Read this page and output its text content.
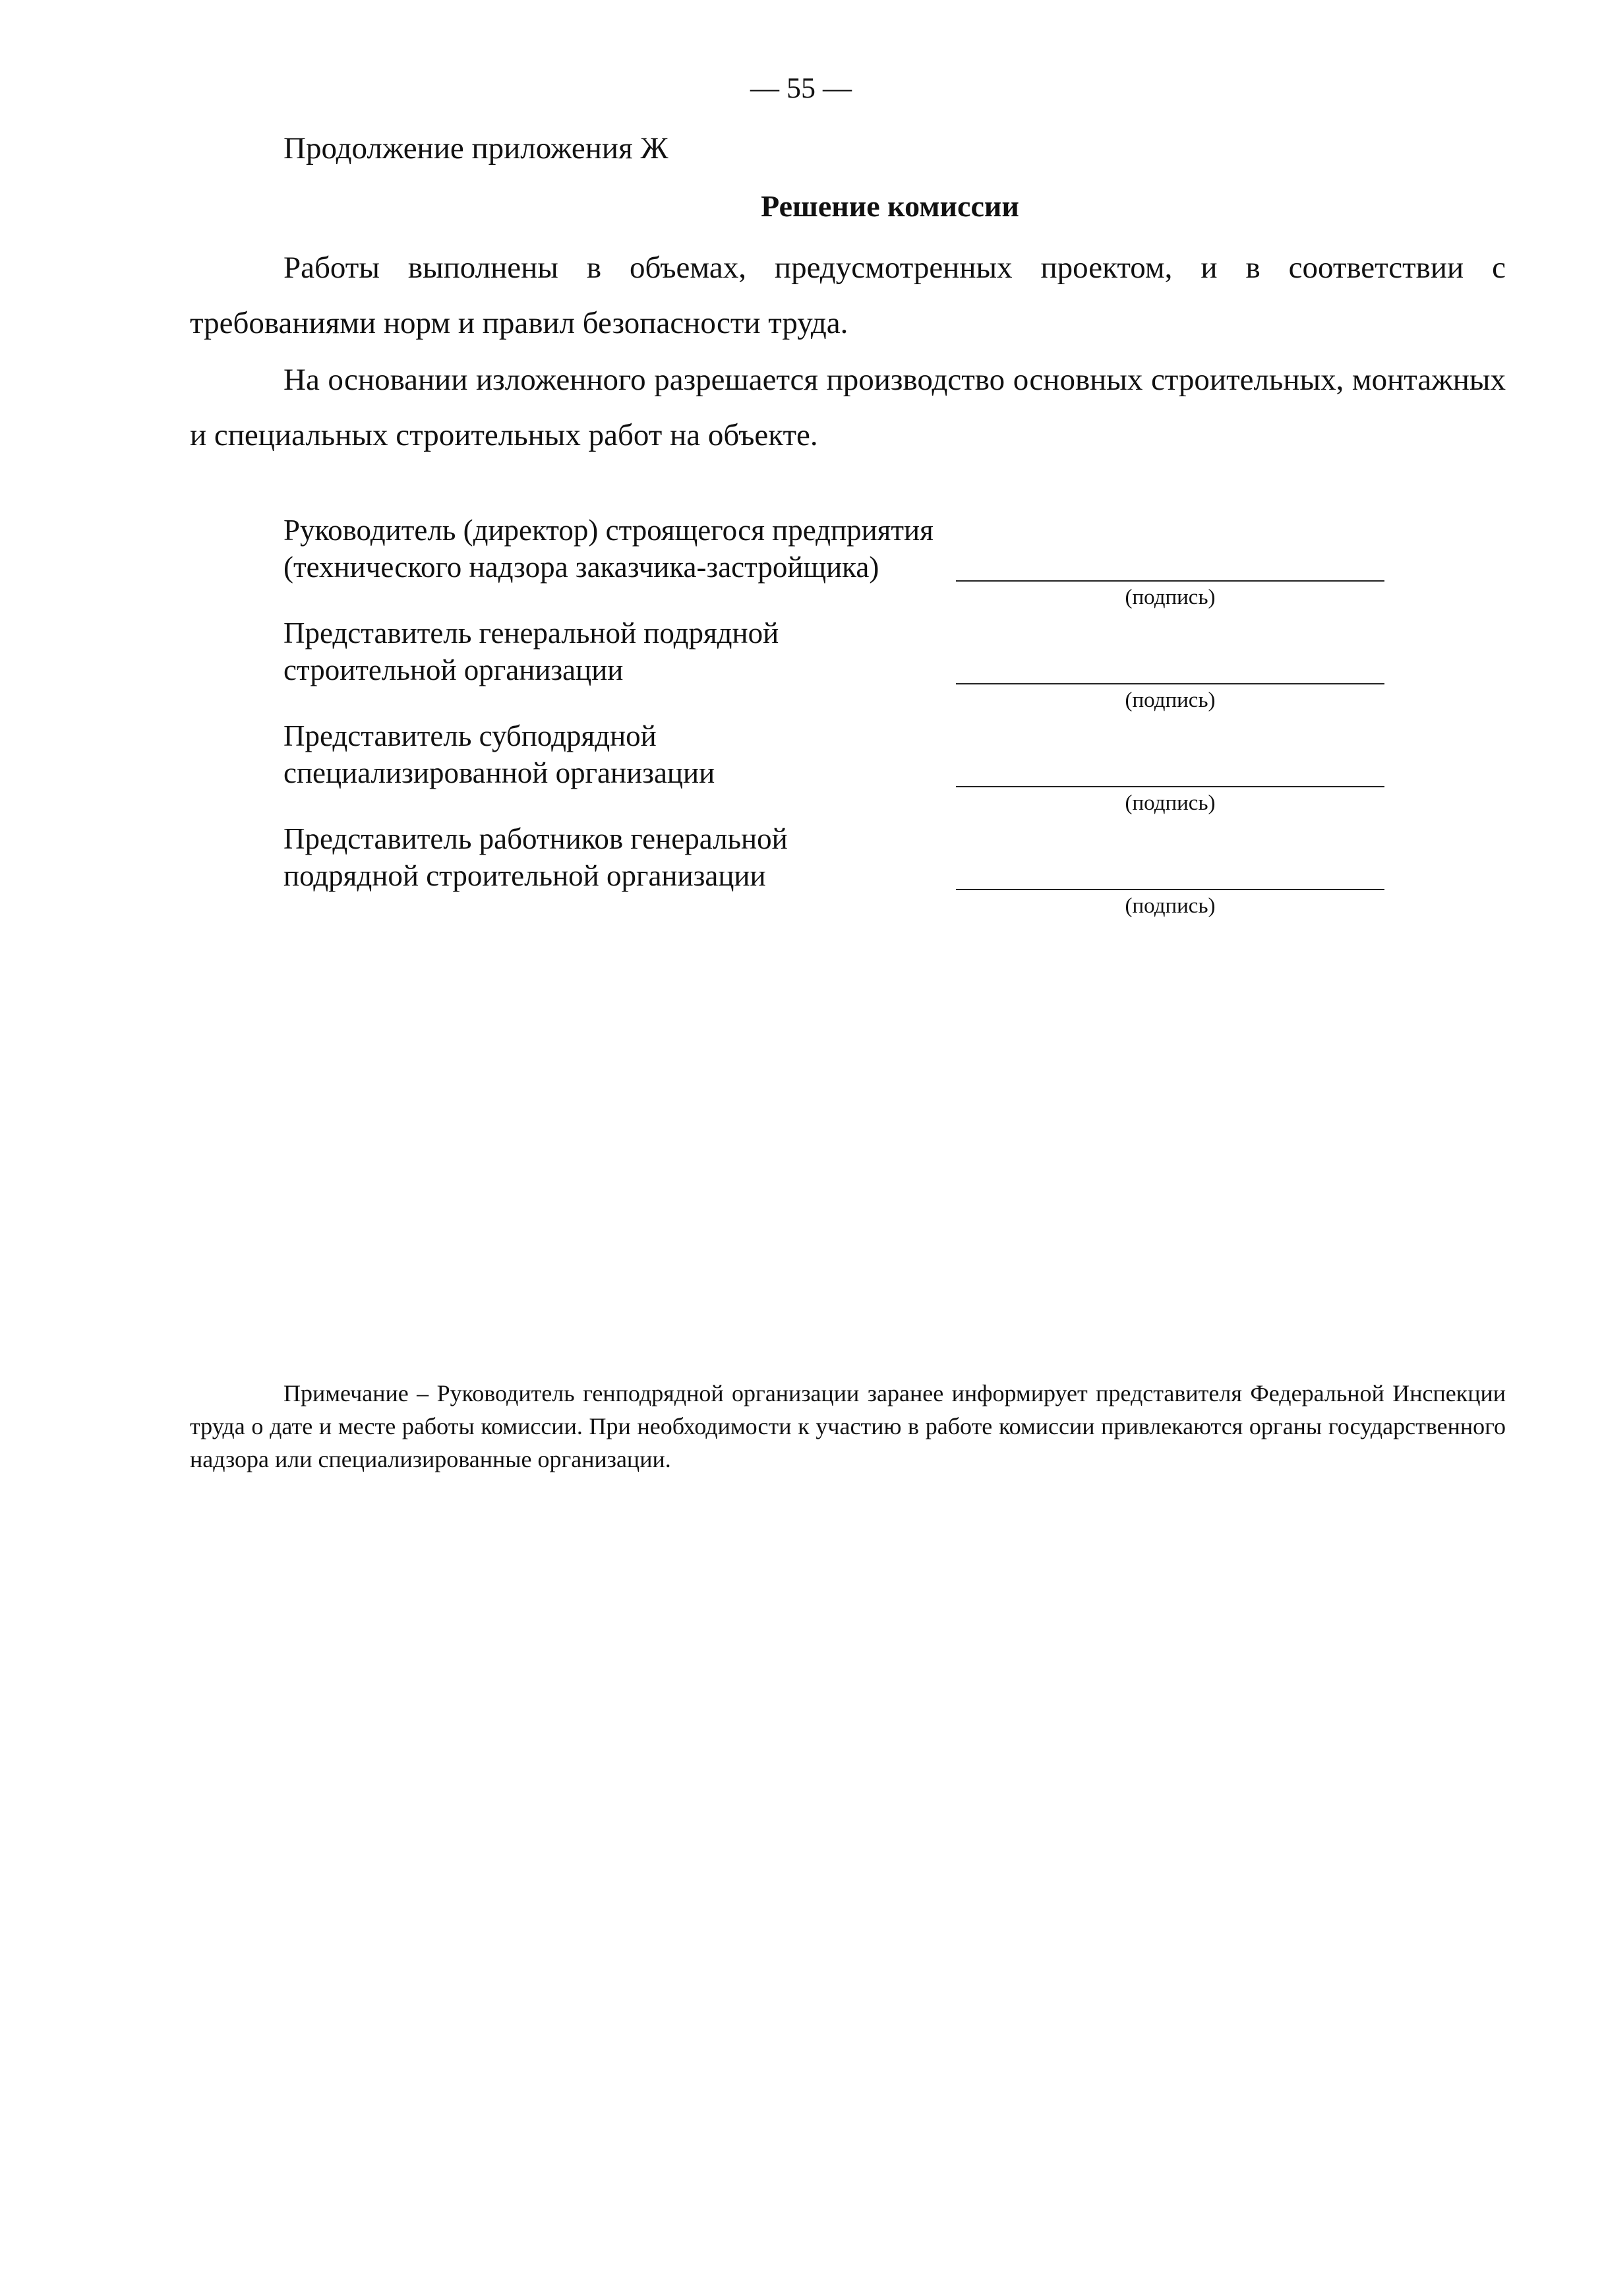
— 55 —
Продолжение приложения Ж
Решение комиссии

Работы выполнены в объемах, предусмотренных проектом, и в соответствии с требованиями норм и правил безопасности труда.

На основании изложенного разрешается производство основных строительных, монтажных и специальных строительных работ на объекте.

Руководитель (директор) строящегося предприятия
(технического надзора заказчика-застройщика)
(подпись)
Представитель генеральной подрядной
строительной организации
(подпись)
Представитель субподрядной
специализированной организации
(подпись)
Представитель работников генеральной
подрядной строительной организации
(подпись)

Примечание – Руководитель генподрядной организации заранее информирует представителя Федеральной Инспекции труда о дате и месте работы комиссии. При необходимости к участию в работе комиссии привлекаются органы государственного надзора или специализированные организации.
